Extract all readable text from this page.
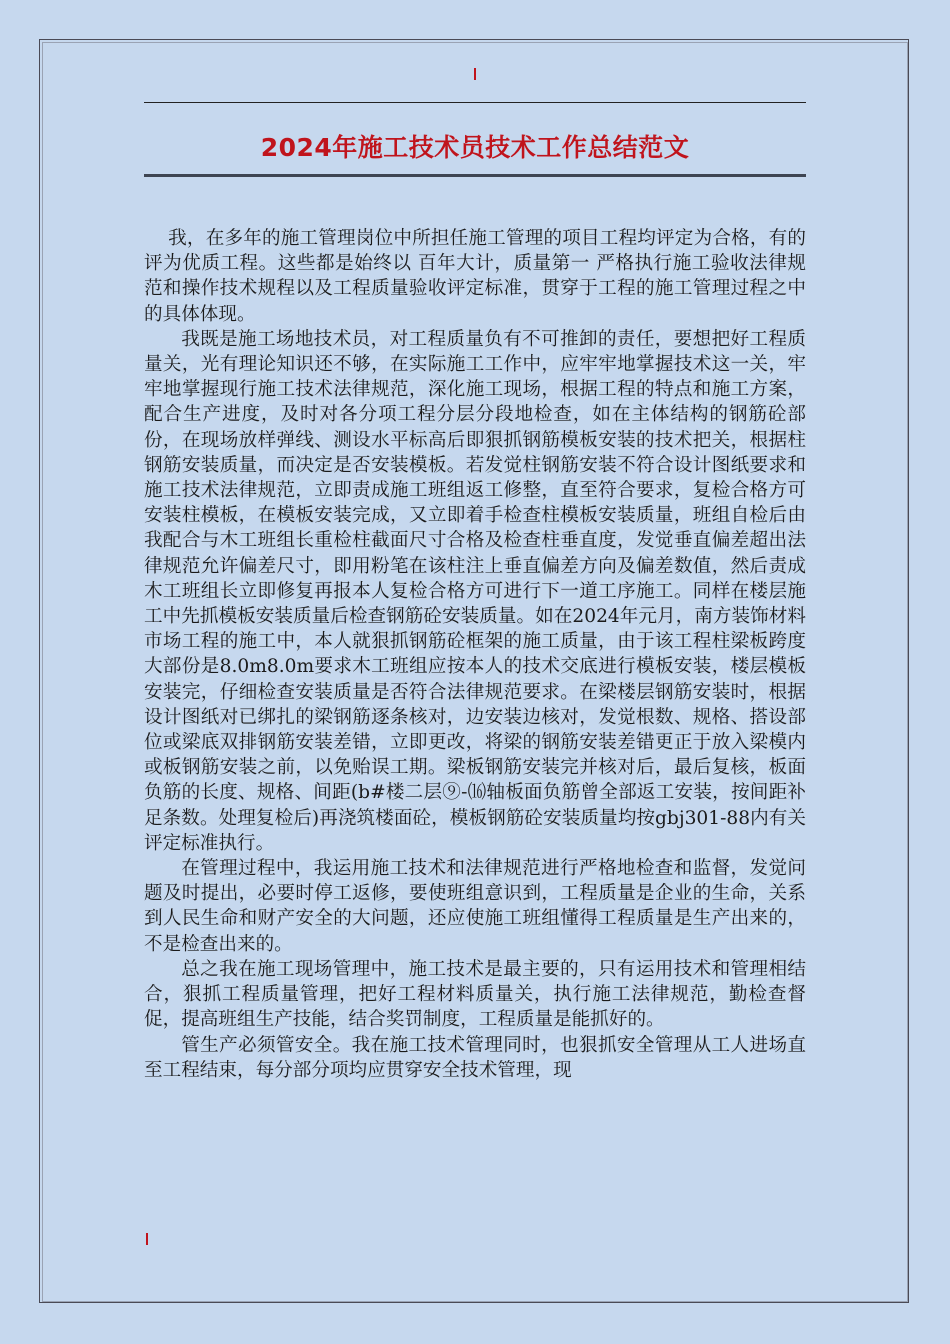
2024年施工技术员技术工作总结范文

我，在多年的施工管理岗位中所担任施工管理的项目工程均评定为合格，有的评为优质工程。这些都是始终以 百年大计，质量第一 严格执行施工验收法律规范和操作技术规程以及工程质量验收评定标准，贯穿于工程的施工管理过程之中的具体体现。

我既是施工场地技术员，对工程质量负有不可推卸的责任，要想把好工程质量关，光有理论知识还不够，在实际施工工作中，应牢牢地掌握技术这一关，牢牢地掌握现行施工技术法律规范，深化施工现场，根据工程的特点和施工方案，配合生产进度，及时对各分项工程分层分段地检查，如在主体结构的钢筋砼部份，在现场放样弹线、测设水平标高后即狠抓钢筋模板安装的技术把关，根据柱钢筋安装质量，而决定是否安装模板。若发觉柱钢筋安装不符合设计图纸要求和施工技术法律规范，立即责成施工班组返工修整，直至符合要求，复检合格方可安装柱模板，在模板安装完成，又立即着手检查柱模板安装质量，班组自检后由我配合与木工班组长重检柱截面尺寸合格及检查柱垂直度，发觉垂直偏差超出法律规范允许偏差尺寸，即用粉笔在该柱注上垂直偏差方向及偏差数值，然后责成木工班组长立即修复再报本人复检合格方可进行下一道工序施工。同样在楼层施工中先抓模板安装质量后检查钢筋砼安装质量。如在2024年元月，南方装饰材料市场工程的施工中，本人就狠抓钢筋砼框架的施工质量，由于该工程柱梁板跨度大部份是8.0m8.0m要求木工班组应按本人的技术交底进行模板安装，楼层模板安装完，仔细检查安装质量是否符合法律规范要求。在梁楼层钢筋安装时，根据设计图纸对已绑扎的梁钢筋逐条核对，边安装边核对，发觉根数、规格、搭设部位或梁底双排钢筋安装差错，立即更改，将梁的钢筋安装差错更正于放入梁模内或板钢筋安装之前，以免贻误工期。梁板钢筋安装完并核对后，最后复核，板面负筋的长度、规格、间距(b#楼二层⑨-⒃轴板面负筋曾全部返工安装，按间距补足条数。处理复检后)再浇筑楼面砼，模板钢筋砼安装质量均按gbj301-88内有关评定标准执行。

在管理过程中，我运用施工技术和法律规范进行严格地检查和监督，发觉问题及时提出，必要时停工返修，要使班组意识到，工程质量是企业的生命，关系到人民生命和财产安全的大问题，还应使施工班组懂得工程质量是生产出来的，不是检查出来的。

总之我在施工现场管理中，施工技术是最主要的，只有运用技术和管理相结合，狠抓工程质量管理，把好工程材料质量关，执行施工法律规范，勤检查督促，提高班组生产技能，结合奖罚制度，工程质量是能抓好的。

管生产必须管安全。我在施工技术管理同时，也狠抓安全管理从工人进场直至工程结束，每分部分项均应贯穿安全技术管理，现
